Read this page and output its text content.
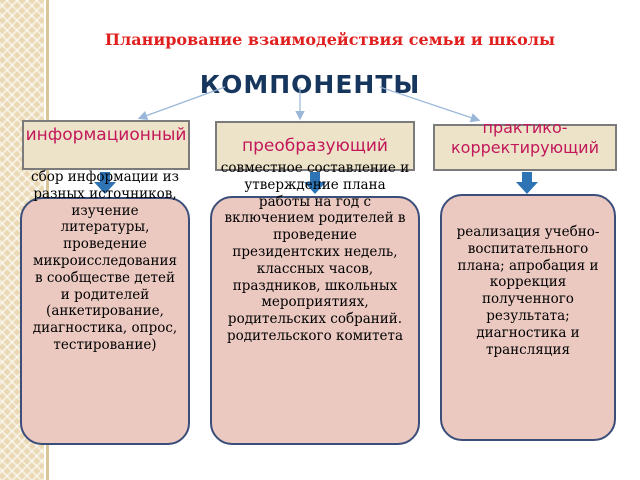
Планирование взаимодействия семьи и школы
КОМПОНЕНТЫ
информационный
преобразующий
практико-корректирующий
сбор информации из разных источников, изучение литературы, проведение микроисследования в сообществе детей и родителей (анкетирование, диагностика, опрос, тестирование)
совместное составление и утверждение плана работы на год с включением родителей в проведение президентских недель, классных часов, праздников, школьных мероприятиях, родительских собраний. родительского комитета
реализация учебно-воспитательного плана; апробация и коррекция полученного результата; диагностика и трансляция
